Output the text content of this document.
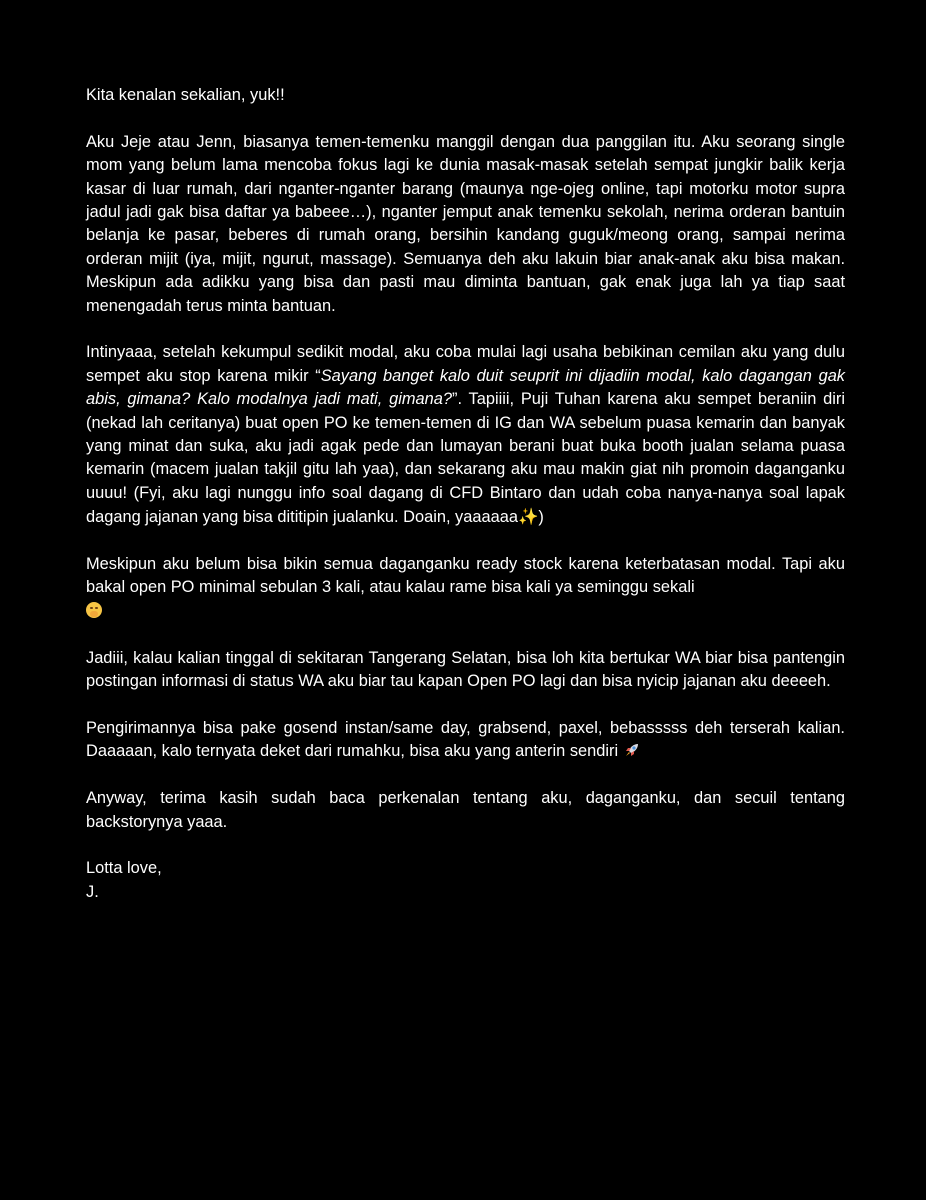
Kita kenalan sekalian, yuk!!

Aku Jeje atau Jenn, biasanya temen-temenku manggil dengan dua panggilan itu. Aku seorang single mom yang belum lama mencoba fokus lagi ke dunia masak-masak setelah sempat jungkir balik kerja kasar di luar rumah, dari nganter-nganter barang (maunya nge-ojeg online, tapi motorku motor supra jadul jadi gak bisa daftar ya babeee…), nganter jemput anak temenku sekolah, nerima orderan bantuin belanja ke pasar, beberes di rumah orang, bersihin kandang guguk/meong orang, sampai nerima orderan mijit (iya, mijit, ngurut, massage). Semuanya deh aku lakuin biar anak-anak aku bisa makan. Meskipun ada adikku yang bisa dan pasti mau diminta bantuan, gak enak juga lah ya tiap saat menengadah terus minta bantuan.

Intinyaaa, setelah kekumpul sedikit modal, aku coba mulai lagi usaha bebikinan cemilan aku yang dulu sempet aku stop karena mikir “Sayang banget kalo duit seuprit ini dijadiin modal, kalo dagangan gak abis, gimana? Kalo modalnya jadi mati, gimana?”. Tapiiii, Puji Tuhan karena aku sempet beraniin diri (nekad lah ceritanya) buat open PO ke temen-temen di IG dan WA sebelum puasa kemarin dan banyak yang minat dan suka, aku jadi agak pede dan lumayan berani buat buka booth jualan selama puasa kemarin (macem jualan takjil gitu lah yaa), dan sekarang aku mau makin giat nih promoin daganganku​uuuu! (Fyi, aku lagi nunggu info soal dagang di CFD Bintaro dan udah coba nanya-nanya soal lapak dagang jajanan yang bisa dititipin jualanku. Doain, yaaaaaa✨)

Meskipun aku belum bisa bikin semua daganganku ready stock karena keterbatasan modal. Tapi aku bakal open PO minimal sebulan 3 kali, atau kalau rame bisa kali ya seminggu sekali

Jadiii, kalau kalian tinggal di sekitaran Tangerang Selatan, bisa loh kita bertukar WA biar bisa pantengin postingan informasi di status WA aku biar tau kapan Open PO lagi dan bisa nyicip jajanan aku deeeeh.

Pengirimannya bisa pake gosend instan/same day, grabsend, paxel, bebasssss deh terserah kalian. Daaaaan, kalo ternyata deket dari rumahku, bisa aku yang anterin sendiri

Anyway, terima kasih sudah baca perkenalan tentang aku, daganganku, dan secuil tentang backstorynya yaaa.

Lotta love,
J.
